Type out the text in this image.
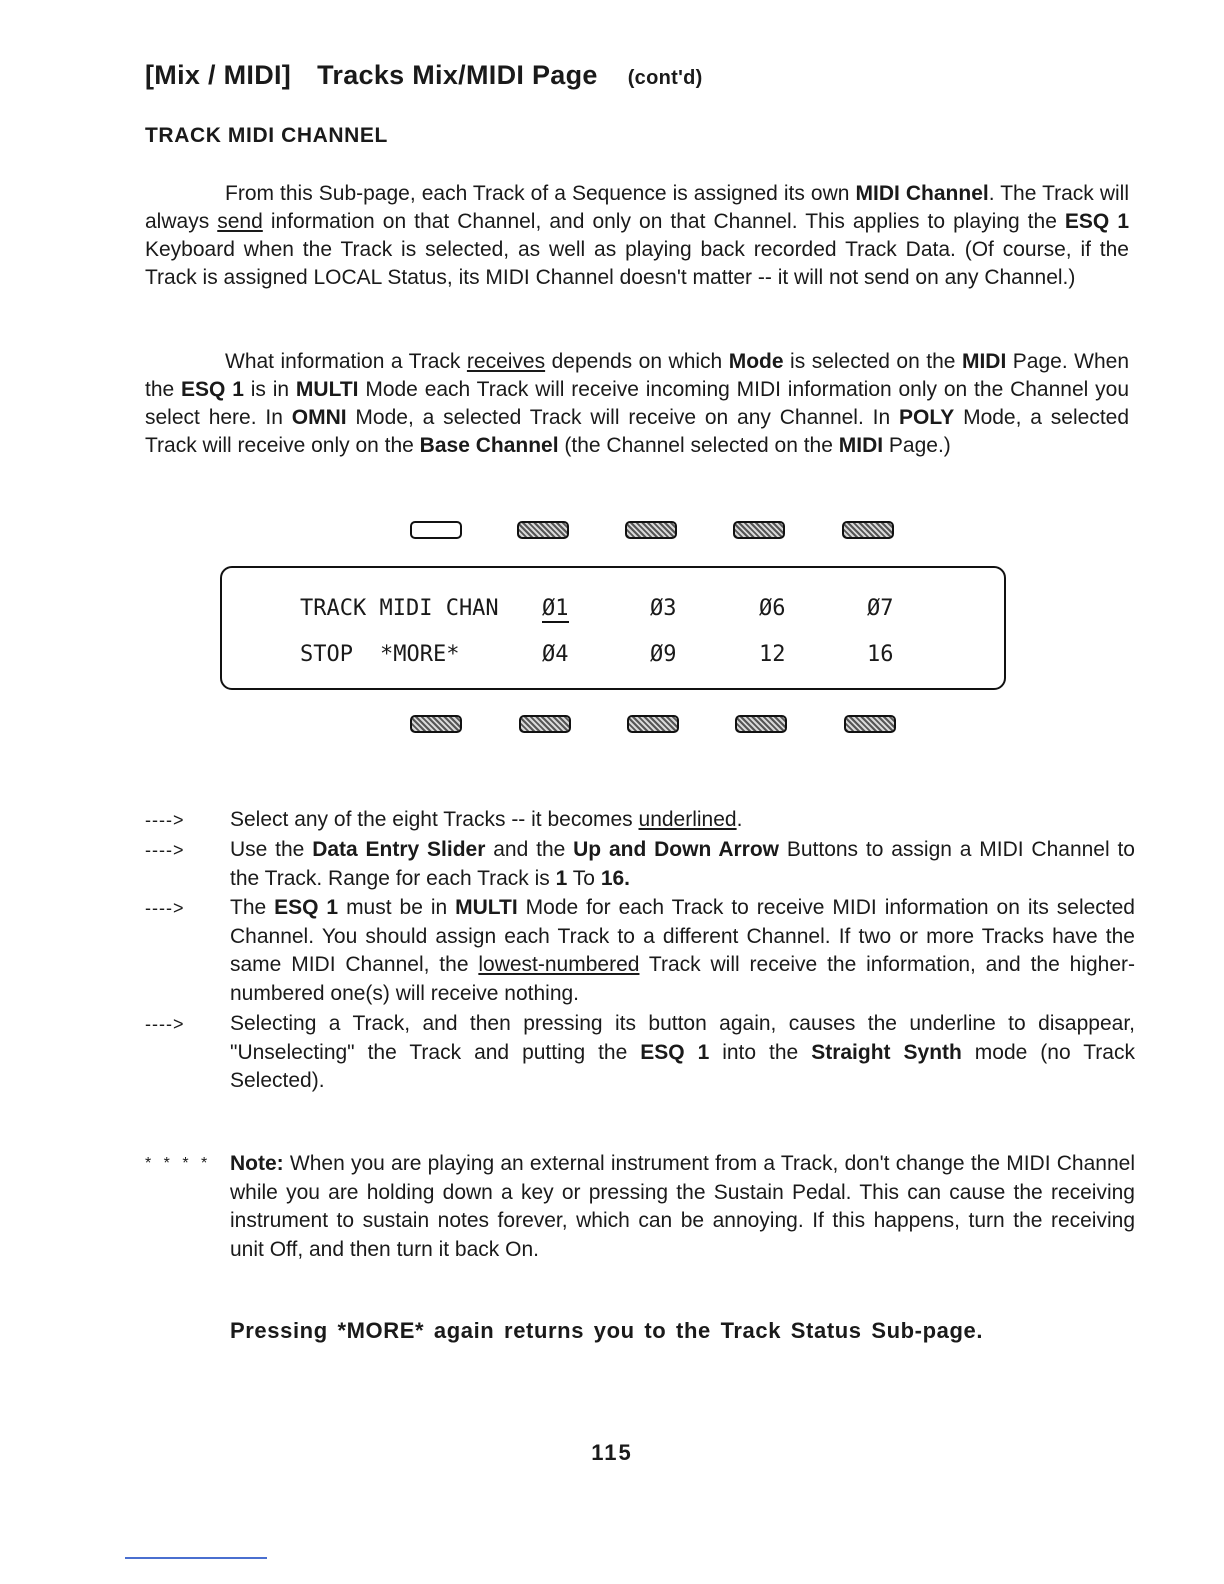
[Mix / MIDI] Tracks Mix/MIDI Page (cont'd)
TRACK MIDI CHANNEL
From this Sub-page, each Track of a Sequence is assigned its own MIDI Channel. The Track will always send information on that Channel, and only on that Channel. This applies to playing the ESQ 1 Keyboard when the Track is selected, as well as playing back recorded Track Data. (Of course, if the Track is assigned LOCAL Status, its MIDI Channel doesn't matter -- it will not send on any Channel.)
What information a Track receives depends on which Mode is selected on the MIDI Page. When the ESQ 1 is in MULTI Mode each Track will receive incoming MIDI information only on the Channel you select here. In OMNI Mode, a selected Track will receive on any Channel. In POLY Mode, a selected Track will receive only on the Base Channel (the Channel selected on the MIDI Page.)
TRACK MIDI CHAN Ø1	Ø3	Ø6	Ø7
STOP *MORE*	Ø4	Ø9	12	16
----> Select any of the eight Tracks -- it becomes underlined.
----> Use the Data Entry Slider and the Up and Down Arrow Buttons to assign a MIDI Channel to the Track. Range for each Track is 1 To 16.
----> The ESQ 1 must be in MULTI Mode for each Track to receive MIDI information on its selected Channel. You should assign each Track to a different Channel. If two or more Tracks have the same MIDI Channel, the lowest-numbered Track will receive the information, and the higher-numbered one(s) will receive nothing.
----> Selecting a Track, and then pressing its button again, causes the underline to disappear, "Unselecting" the Track and putting the ESQ 1 into the Straight Synth mode (no Track Selected).
* * * * Note: When you are playing an external instrument from a Track, don't change the MIDI Channel while you are holding down a key or pressing the Sustain Pedal. This can cause the receiving instrument to sustain notes forever, which can be annoying. If this happens, turn the receiving unit Off, and then turn it back On.
Pressing *MORE* again returns you to the Track Status Sub-page.
115
